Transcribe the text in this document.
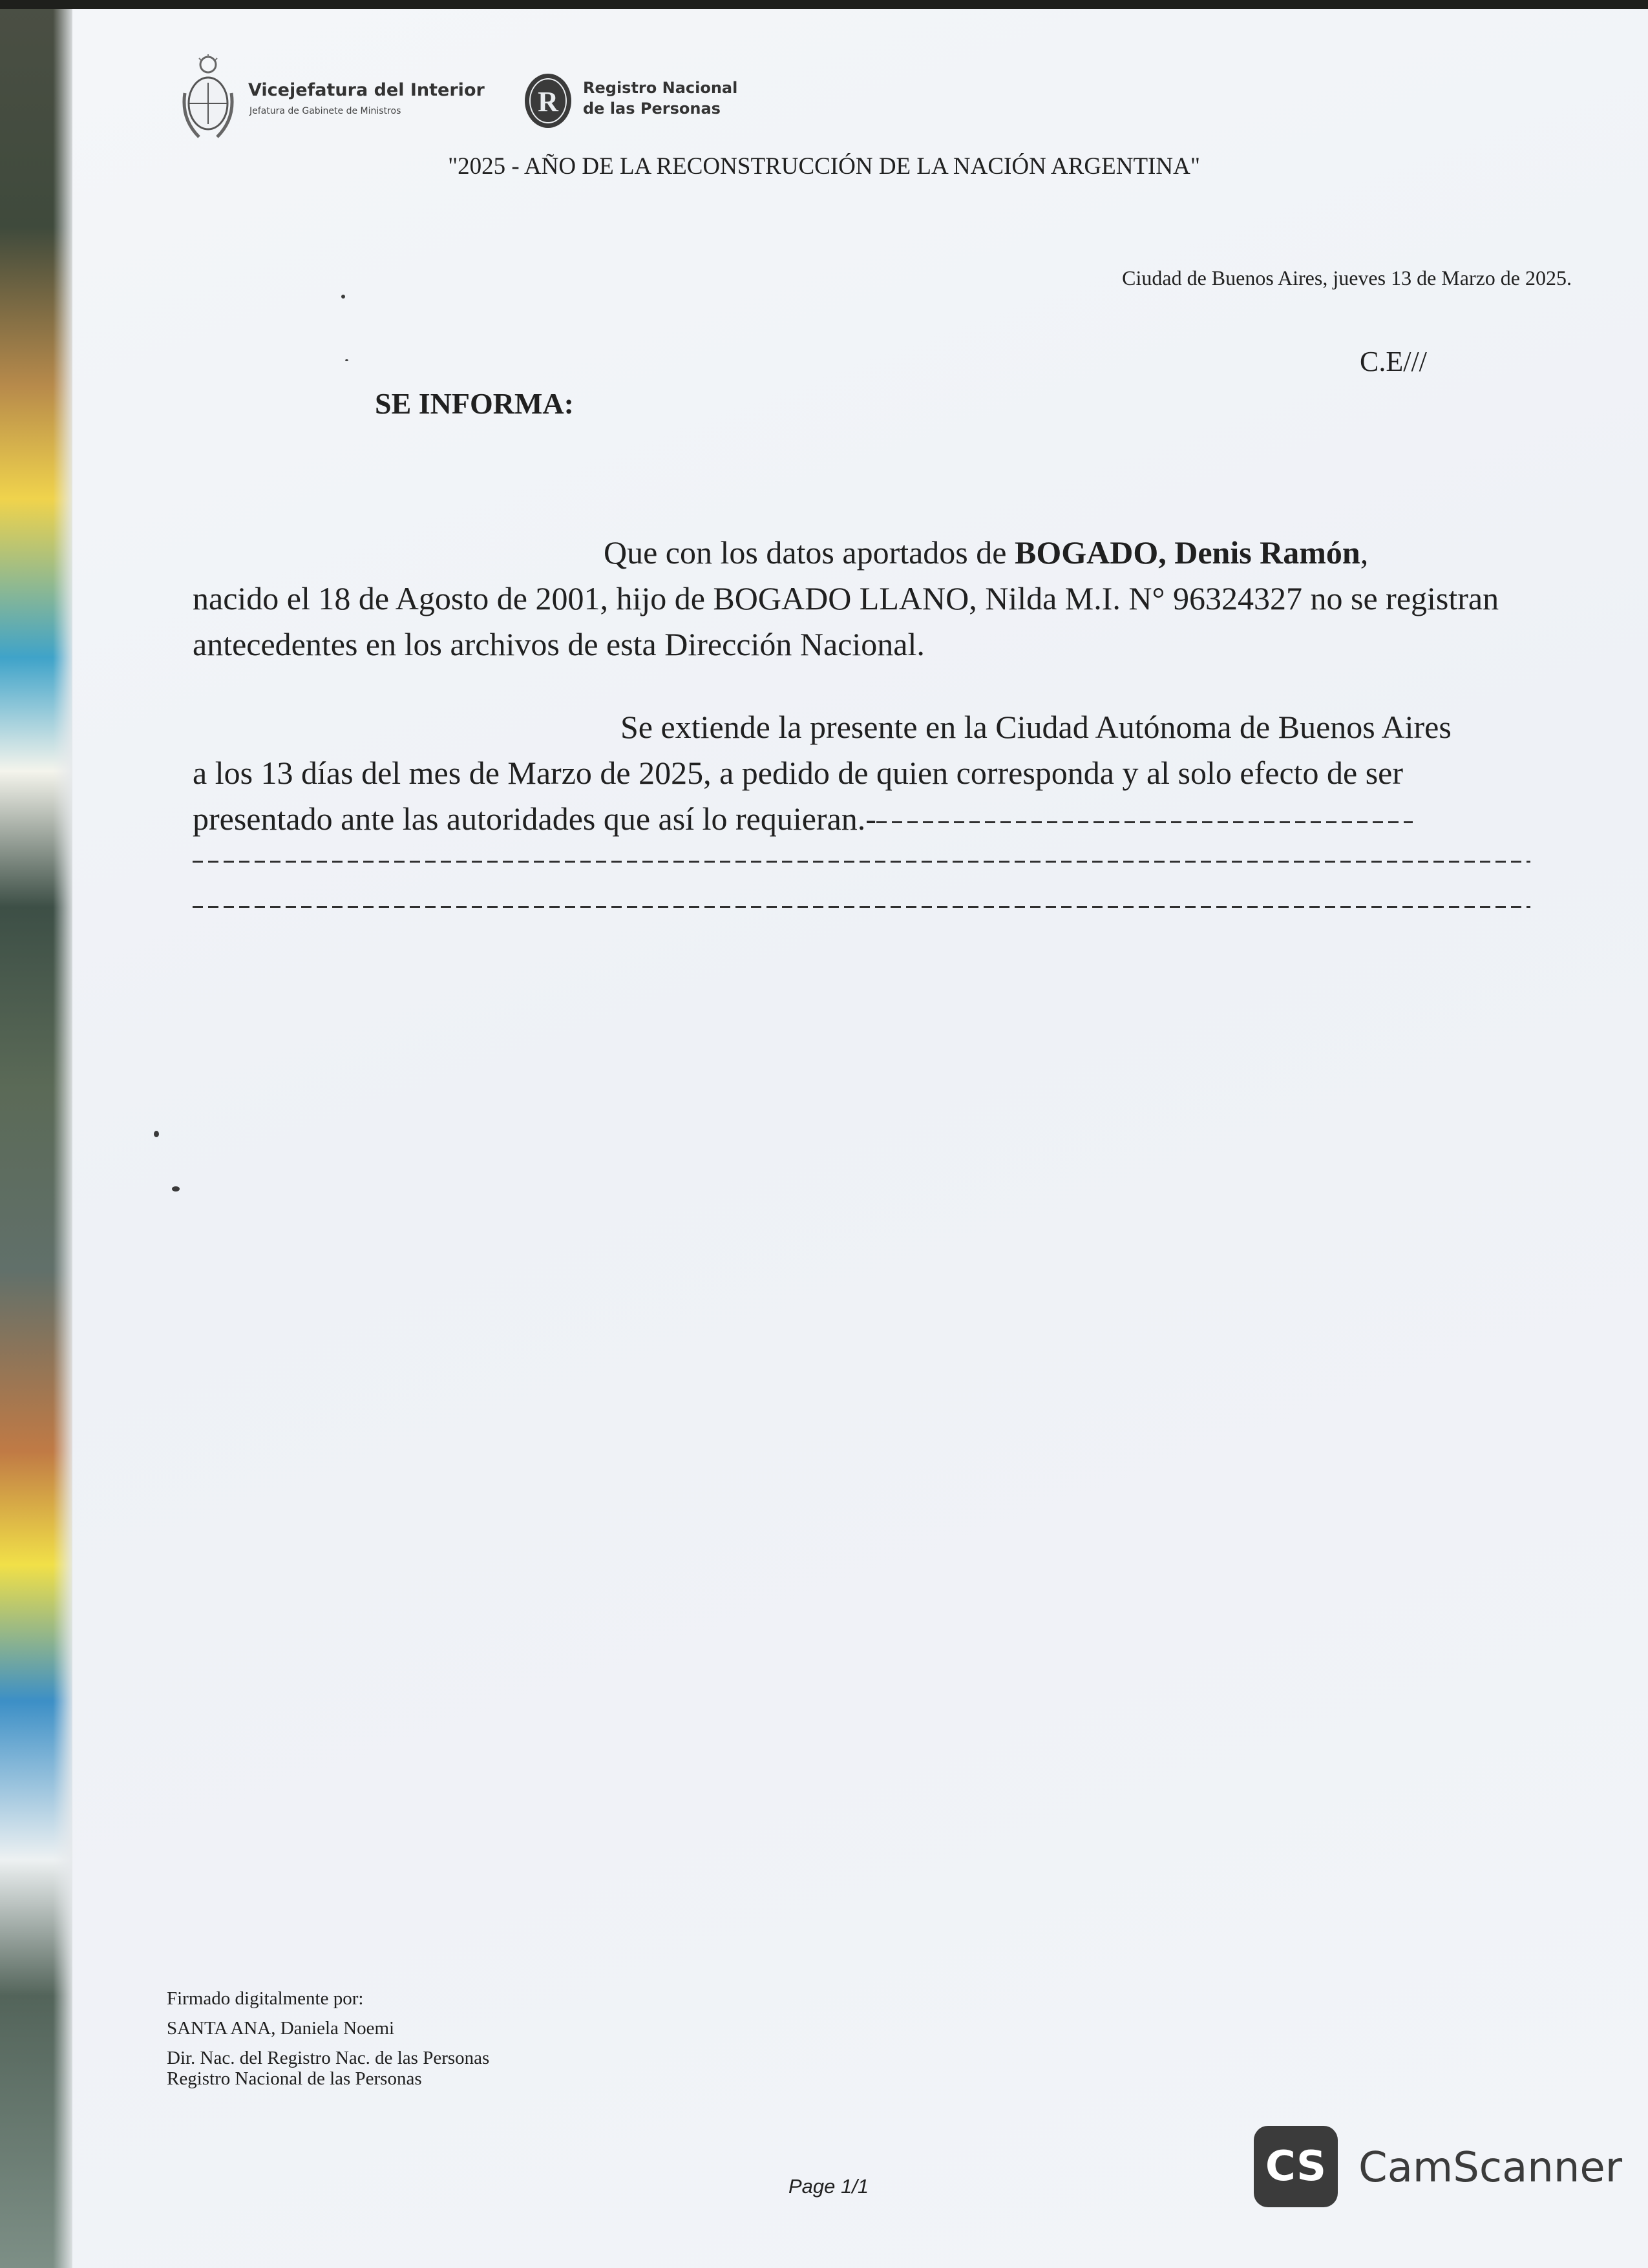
Vicejefatura del Interior
Jefatura de Gabinete de Ministros	R Registro Nacional
de las Personas
"2025 - AÑO DE LA RECONSTRUCCIÓN DE LA NACIÓN ARGENTINA"
Ciudad de Buenos Aires, jueves 13 de Marzo de 2025.
C.E///
SE INFORMA:
Que con los datos aportados de BOGADO, Denis Ramón,
nacido el 18 de Agosto de 2001, hijo de BOGADO LLANO, Nilda M.I. N° 96324327 no se registran antecedentes en los archivos de esta Dirección Nacional.
Se extiende la presente en la Ciudad Autónoma de Buenos Aires
a los 13 días del mes de Marzo de 2025, a pedido de quien corresponda y al solo efecto de ser presentado ante las autoridades que así lo requieran.-
Firmado digitalmente por:
SANTA ANA, Daniela Noemi
Dir. Nac. del Registro Nac. de las Personas
Registro Nacional de las Personas
Page 1/1	CS CamScanner
